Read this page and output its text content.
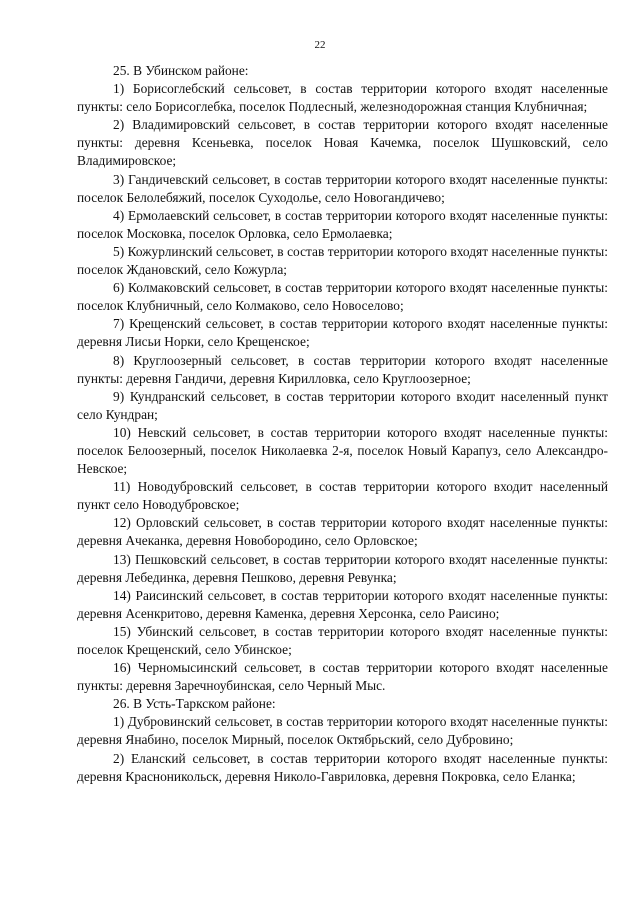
22

25. В Убинском районе:

1) Борисоглебский сельсовет, в состав территории которого входят населенные пункты: село Борисоглебка, поселок Подлесный, железнодорожная станция Клубничная;

2) Владимировский сельсовет, в состав территории которого входят населенные пункты: деревня Ксеньевка, поселок Новая Качемка, поселок Шушковский, село Владимировское;

3) Гандичевский сельсовет, в состав территории которого входят населенные пункты: поселок Белолебяжий, поселок Суходолье, село Новогандичево;

4) Ермолаевский сельсовет, в состав территории которого входят населенные пункты: поселок Московка, поселок Орловка, село Ермолаевка;

5) Кожурлинский сельсовет, в состав территории которого входят населенные пункты: поселок Ждановский, село Кожурла;

6) Колмаковский сельсовет, в состав территории которого входят населенные пункты: поселок Клубничный, село Колмаково, село Новоселово;

7) Крещенский сельсовет, в состав территории которого входят населенные пункты: деревня Лисьи Норки, село Крещенское;

8) Круглоозерный сельсовет, в состав территории которого входят населенные пункты: деревня Гандичи, деревня Кирилловка, село Круглоозерное;

9) Кундранский сельсовет, в состав территории которого входит населенный пункт село Кундран;

10) Невский сельсовет, в состав территории которого входят населенные пункты: поселок Белоозерный, поселок Николаевка 2-я, поселок Новый Карапуз, село Александро-Невское;

11) Новодубровский сельсовет, в состав территории которого входит населенный пункт село Новодубровское;

12) Орловский сельсовет, в состав территории которого входят населенные пункты: деревня Ачеканка, деревня Новобородино, село Орловское;

13) Пешковский сельсовет, в состав территории которого входят населенные пункты: деревня Лебединка, деревня Пешково, деревня Ревунка;

14) Раисинский сельсовет, в состав территории которого входят населенные пункты: деревня Асенкритово, деревня Каменка, деревня Херсонка, село Раисино;

15) Убинский сельсовет, в состав территории которого входят населенные пункты: поселок Крещенский, село Убинское;

16) Черномысинский сельсовет, в состав территории которого входят населенные пункты: деревня Заречноубинская, село Черный Мыс.

26. В Усть-Таркском районе:

1) Дубровинский сельсовет, в состав территории которого входят населенные пункты: деревня Янабино, поселок Мирный, поселок Октябрьский, село Дубровино;

2) Еланский сельсовет, в состав территории которого входят населенные пункты: деревня Красноникольск, деревня Николо-Гавриловка, деревня Покровка, село Еланка;
